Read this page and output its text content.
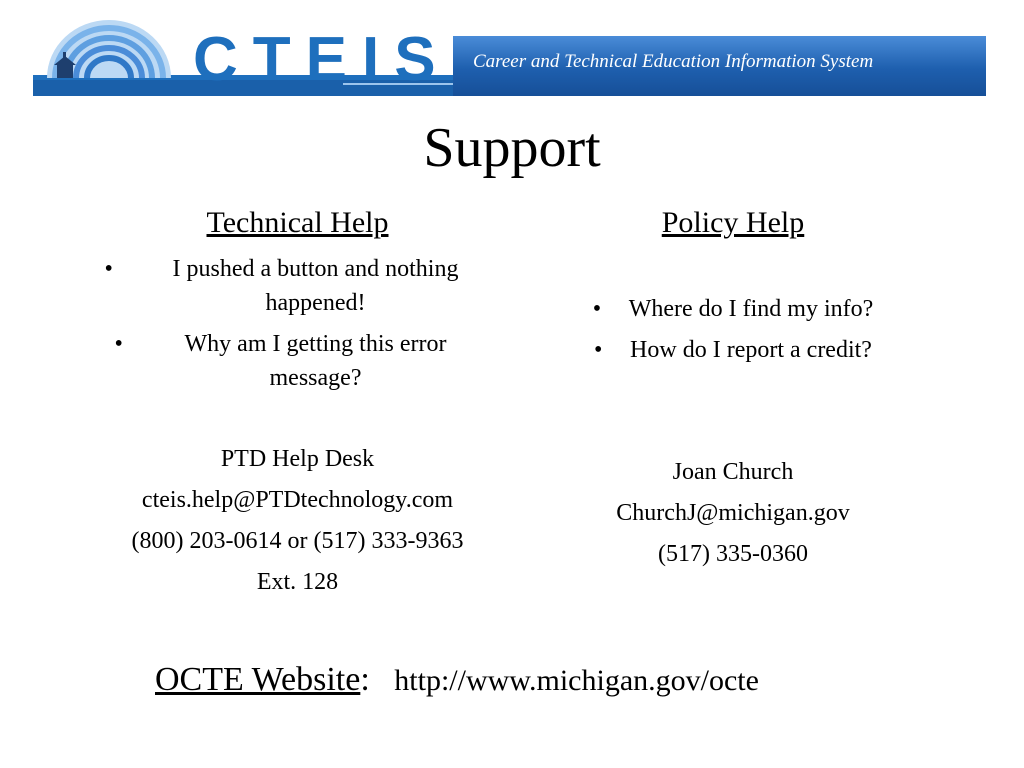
CTEIS Career and Technical Education Information System
Support
Technical Help
•	I pushed a button and nothing happened!
•	Why am I getting this error message?
PTD Help Desk
cteis.help@PTDtechnology.com
(800) 203-0614 or (517) 333-9363
Ext. 128
Policy Help
•	Where do I find my info?
•	How do I report a credit?
Joan Church
ChurchJ@michigan.gov
(517) 335-0360
OCTE Website: http://www.michigan.gov/octe
